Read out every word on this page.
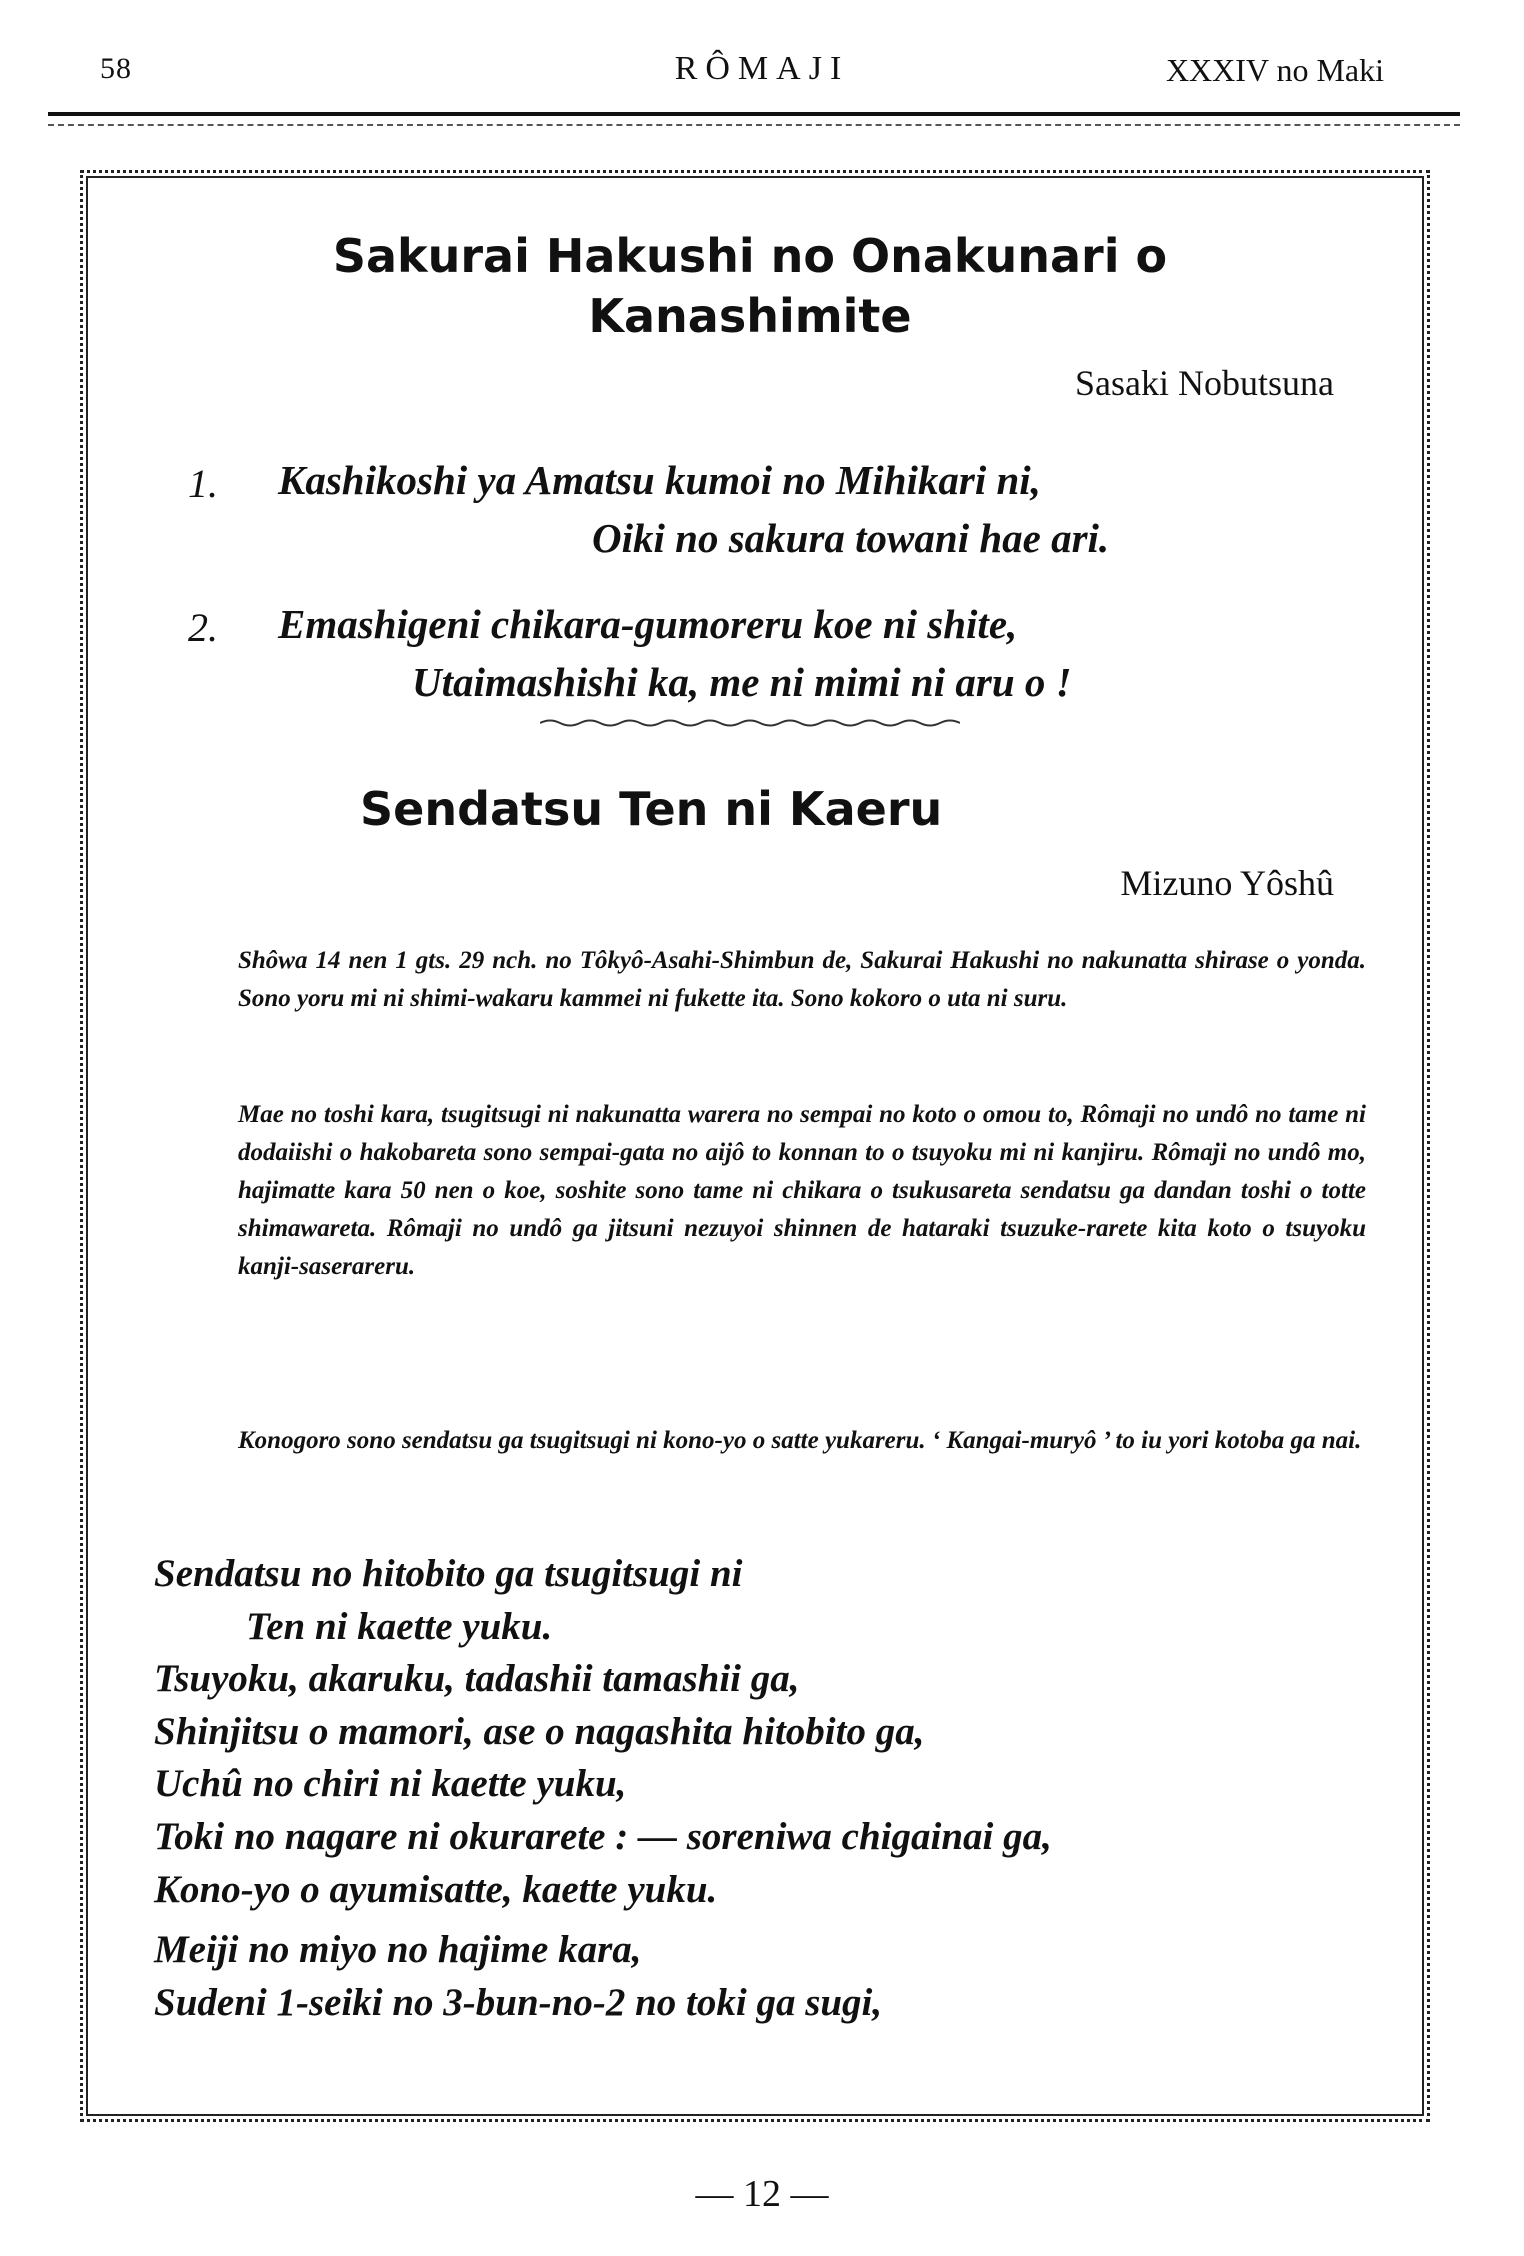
58	RÔMAJI	XXXIV no Maki
Sakurai Hakushi no Onakunari o Kanashimite
Sasaki Nobutsuna
1. Kashikoshi ya Amatsu kumoi no Mihikari ni,
Oiki no sakura towani hae ari.
2. Emashigeni chikara-gumoreru koe ni shite,
Utaimashishi ka, me ni mimi ni aru o !
Sendatsu Ten ni Kaeru
Mizuno Yôshû
Shôwa 14 nen 1 gts. 29 nch. no Tôkyô-Asahi-Shimbun de, Sakurai Hakushi no nakunatta shirase o yonda. Sono yoru mi ni shimi-wakaru kammei ni fukette ita. Sono kokoro o uta ni suru.
Mae no toshi kara, tsugitsugi ni nakunatta warera no sempai no koto o omou to, Rômaji no undô no tame ni dodaiishi o hakobareta sono sempai-gata no aijô to konnan to o tsuyoku mi ni kanjiru. Rômaji no undô mo, hajimatte kara 50 nen o koe, soshite sono tame ni chikara o tsukusareta sendatsu ga dandan toshi o totte shimawareta. Rômaji no undô ga jitsuni nezuyoi shinnen de hataraki tsuzuke-rarete kita koto o tsuyoku kanji-saserareru.
Konogoro sono sendatsu ga tsugitsugi ni kono-yo o satte yukareru. ‘ Kangai-muryô ’ to iu yori kotoba ga nai.
Sendatsu no hitobito ga tsugitsugi ni
Ten ni kaette yuku.
Tsuyoku, akaruku, tadashii tamashii ga,
Shinjitsu o mamori, ase o nagashita hitobito ga,
Uchû no chiri ni kaette yuku,
Toki no nagare ni okurarete : — soreniwa chigainai ga,
Kono-yo o ayumisatte, kaette yuku.
Meiji no miyo no hajime kara,
Sudeni 1-seiki no 3-bun-no-2 no toki ga sugi,
— 12 —
